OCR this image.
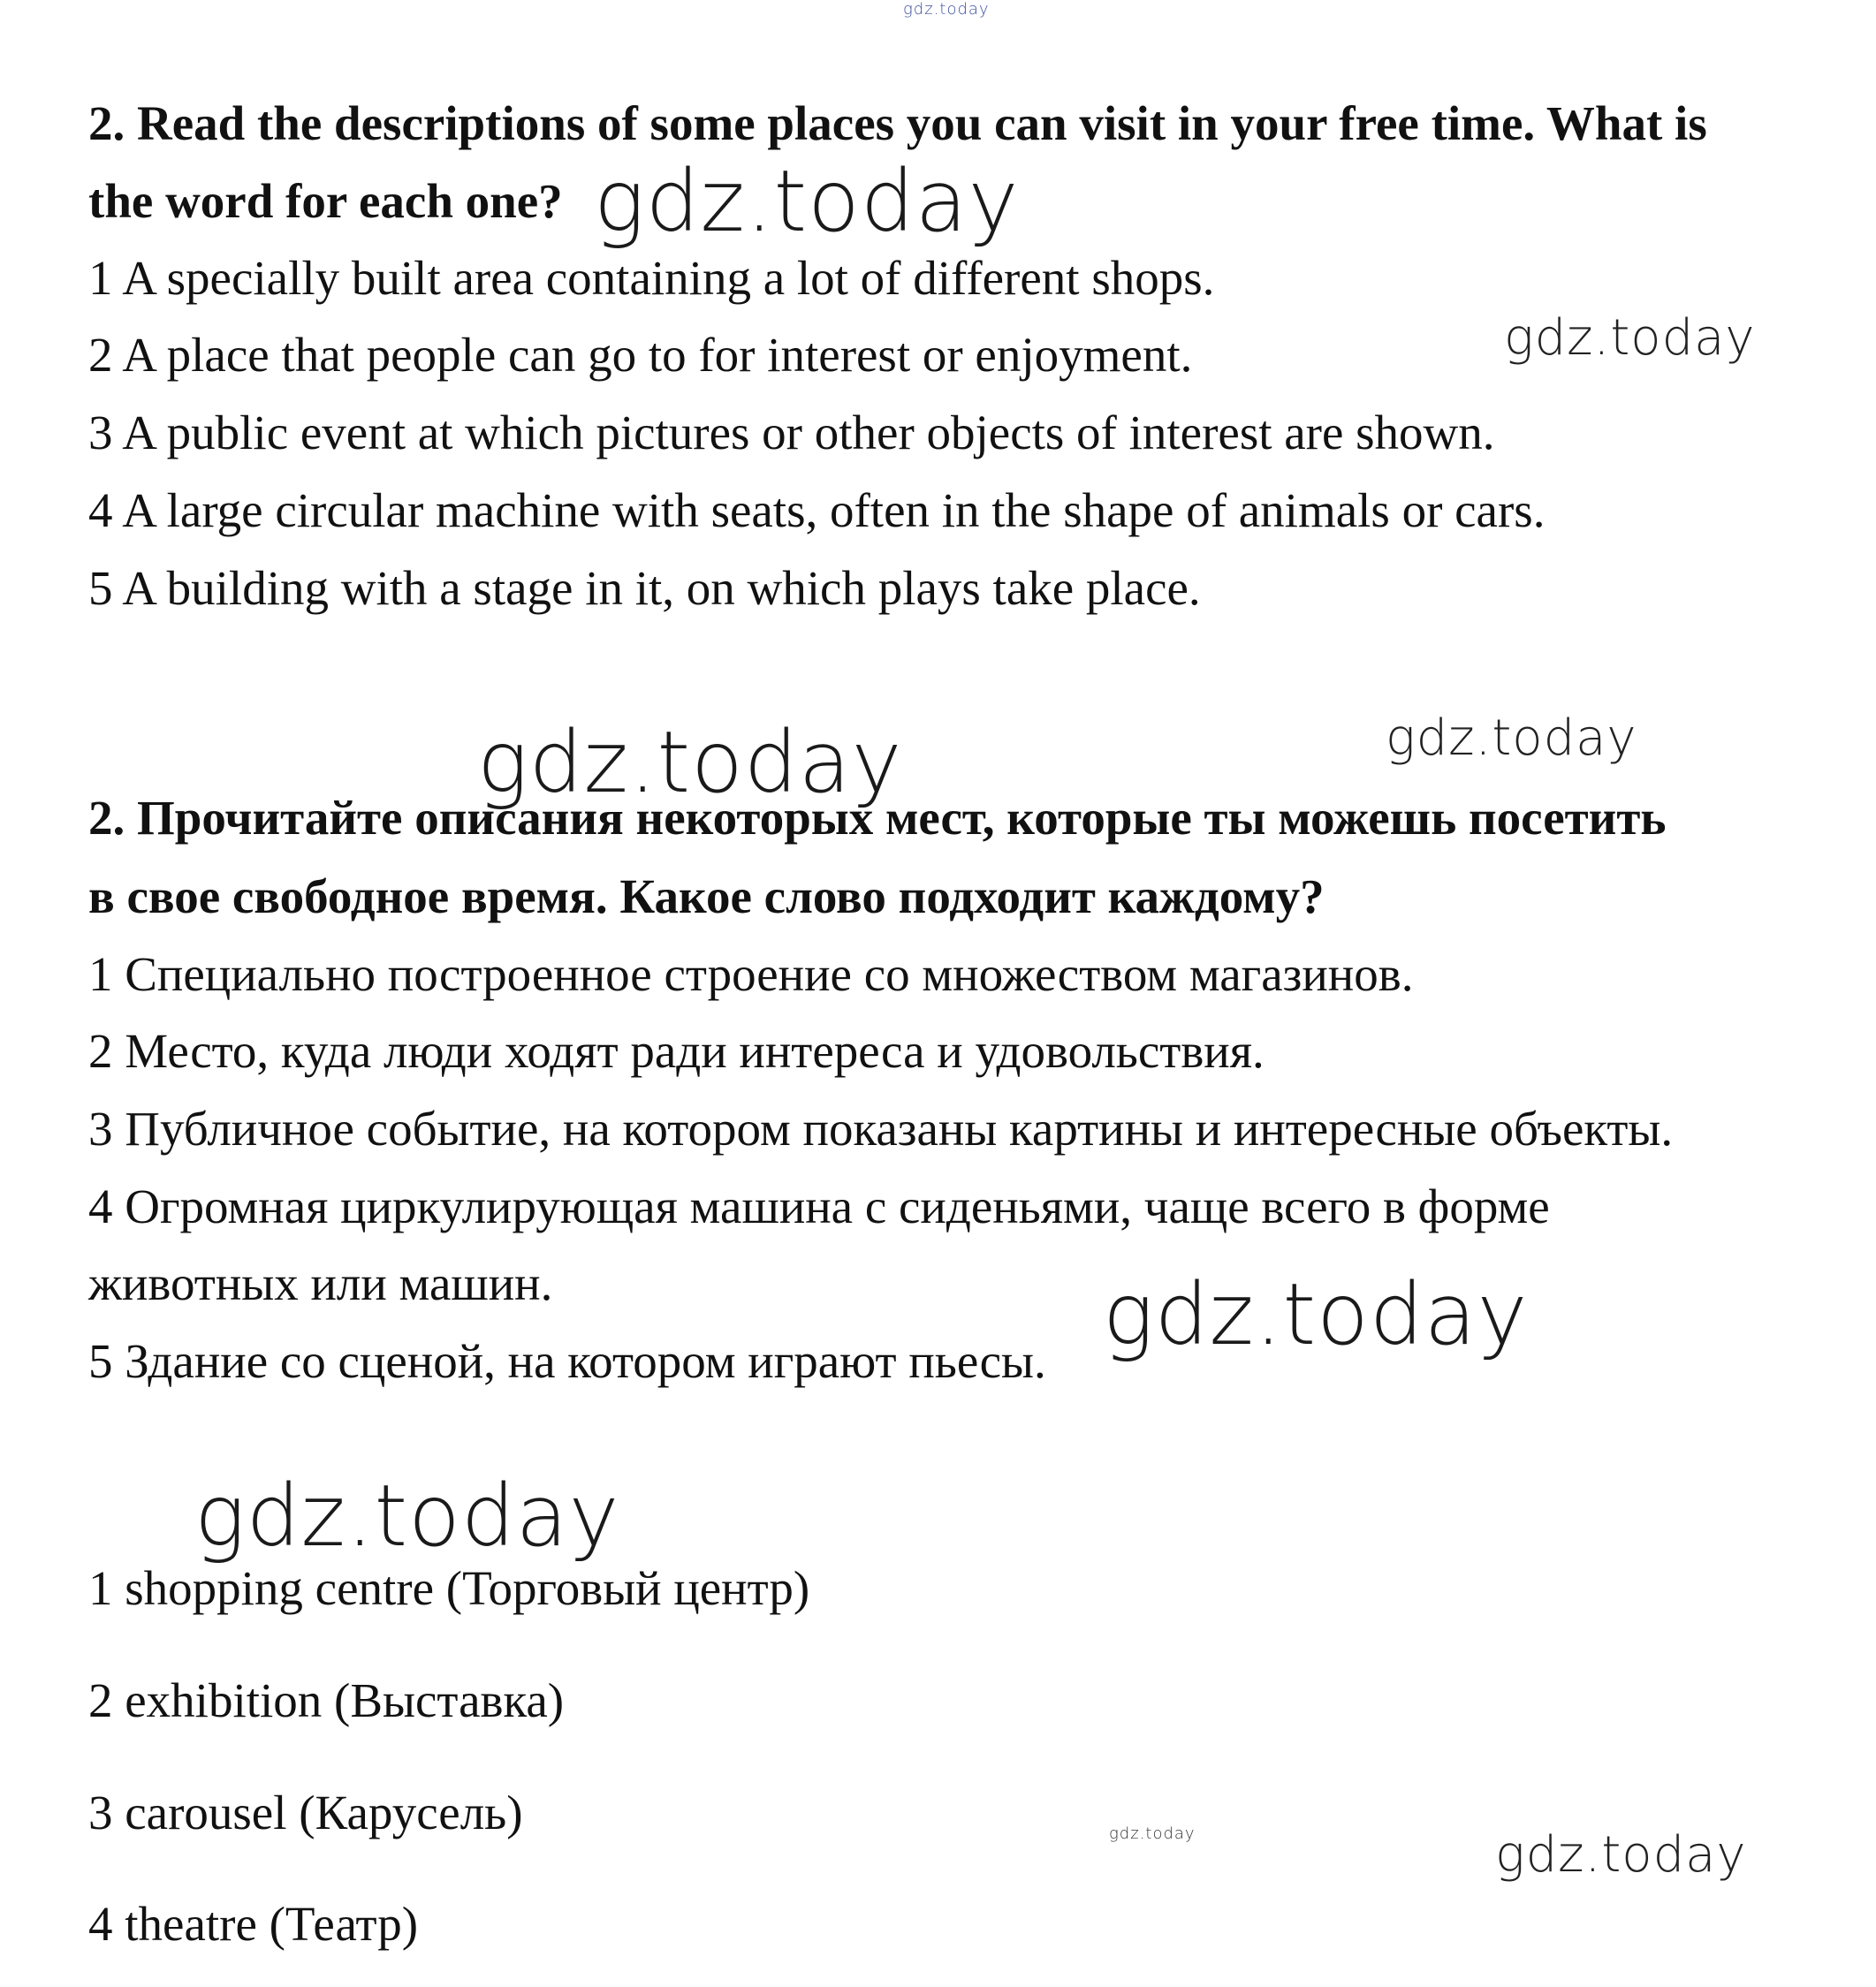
gdz.today
gdz.today
gdz.today
gdz.today	gdz.today
gdz.today
gdz.today
gdz.today	gdz.today
2. Read the descriptions of some places you can visit in your free time. What is
the word for each one?
1 A specially built area containing a lot of different shops.
2 A place that people can go to for interest or enjoyment.
3 A public event at which pictures or other objects of interest are shown.
4 A large circular machine with seats, often in the shape of animals or cars.
5 A building with a stage in it, on which plays take place.
2. Прочитайте описания некоторых мест, которые ты можешь посетить
в свое свободное время. Какое слово подходит каждому?
1 Специально построенное строение со множеством магазинов.
2 Место, куда люди ходят ради интереса и удовольствия.
3 Публичное событие, на котором показаны картины и интересные объекты.
4 Огромная циркулирующая машина с сиденьями, чаще всего в форме
животных или машин.
5 Здание со сценой, на котором играют пьесы.
1 shopping centre (Торговый центр)
2 exhibition (Выставка)
3 carousel (Карусель)
4 theatre (Театр)
